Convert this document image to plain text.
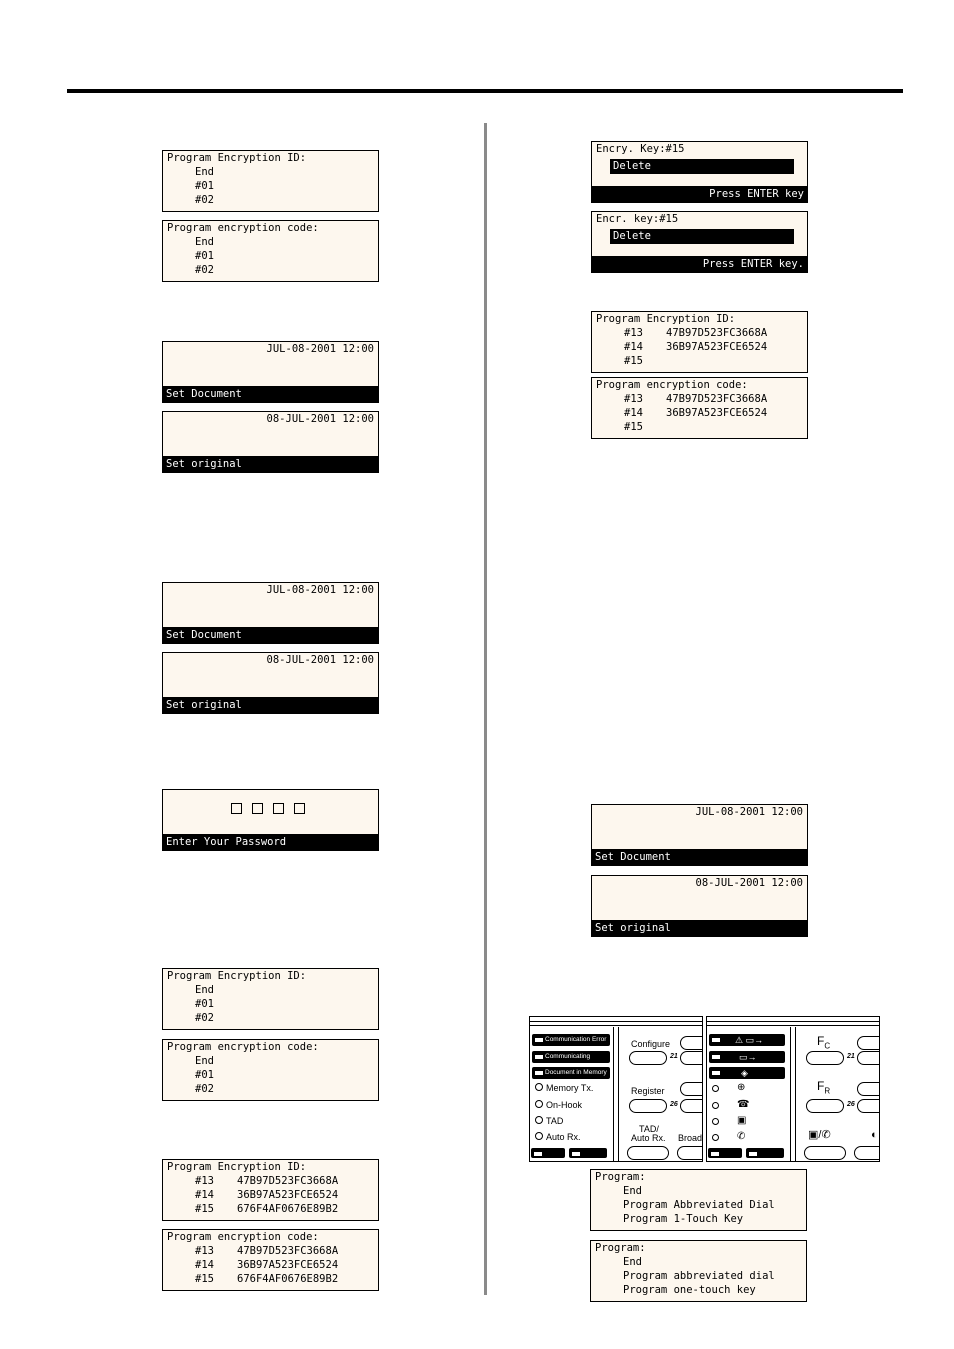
Program Encryption ID:
End
#01
#02
Program encryption code:
End
#01
#02
JUL-08-2001 12:00
Set Document
08-JUL-2001 12:00
Set original
JUL-08-2001 12:00
Set Document
08-JUL-2001 12:00
Set original
Enter Your Password
Program Encryption ID:
End
#01
#02
Program encryption code:
End
#01
#02
Program Encryption ID:
#13 47B97D523FC3668A
#14 36B97A523FCE6524
#15 676F4AF0676E89B2
Program encryption code:
#13 47B97D523FC3668A
#14 36B97A523FCE6524
#15 676F4AF0676E89B2
Encry. Key:#15
Delete
Press ENTER key
Encr. key:#15
Delete
Press ENTER key.
Program Encryption ID:
#13 47B97D523FC3668A
#14 36B97A523FCE6524
#15
Program encryption code:
#13 47B97D523FC3668A
#14 36B97A523FCE6524
#15
JUL-08-2001 12:00
Set Document
08-JUL-2001 12:00
Set original
Communication Error
Communicating
Document in Memory
Memory Tx.
On-Hook
TAD
Auto Rx.
Configure
21
Register
26
TAD/
Auto Rx. Broad
⚠ ▭→
▭→
◈
⊕
☎
▣
✆
$F_C$
21
$F_R$
26
▣/✆	◐
Program:
End
Program Abbreviated Dial
Program 1-Touch Key
Program:
End
Program abbreviated dial
Program one-touch key
